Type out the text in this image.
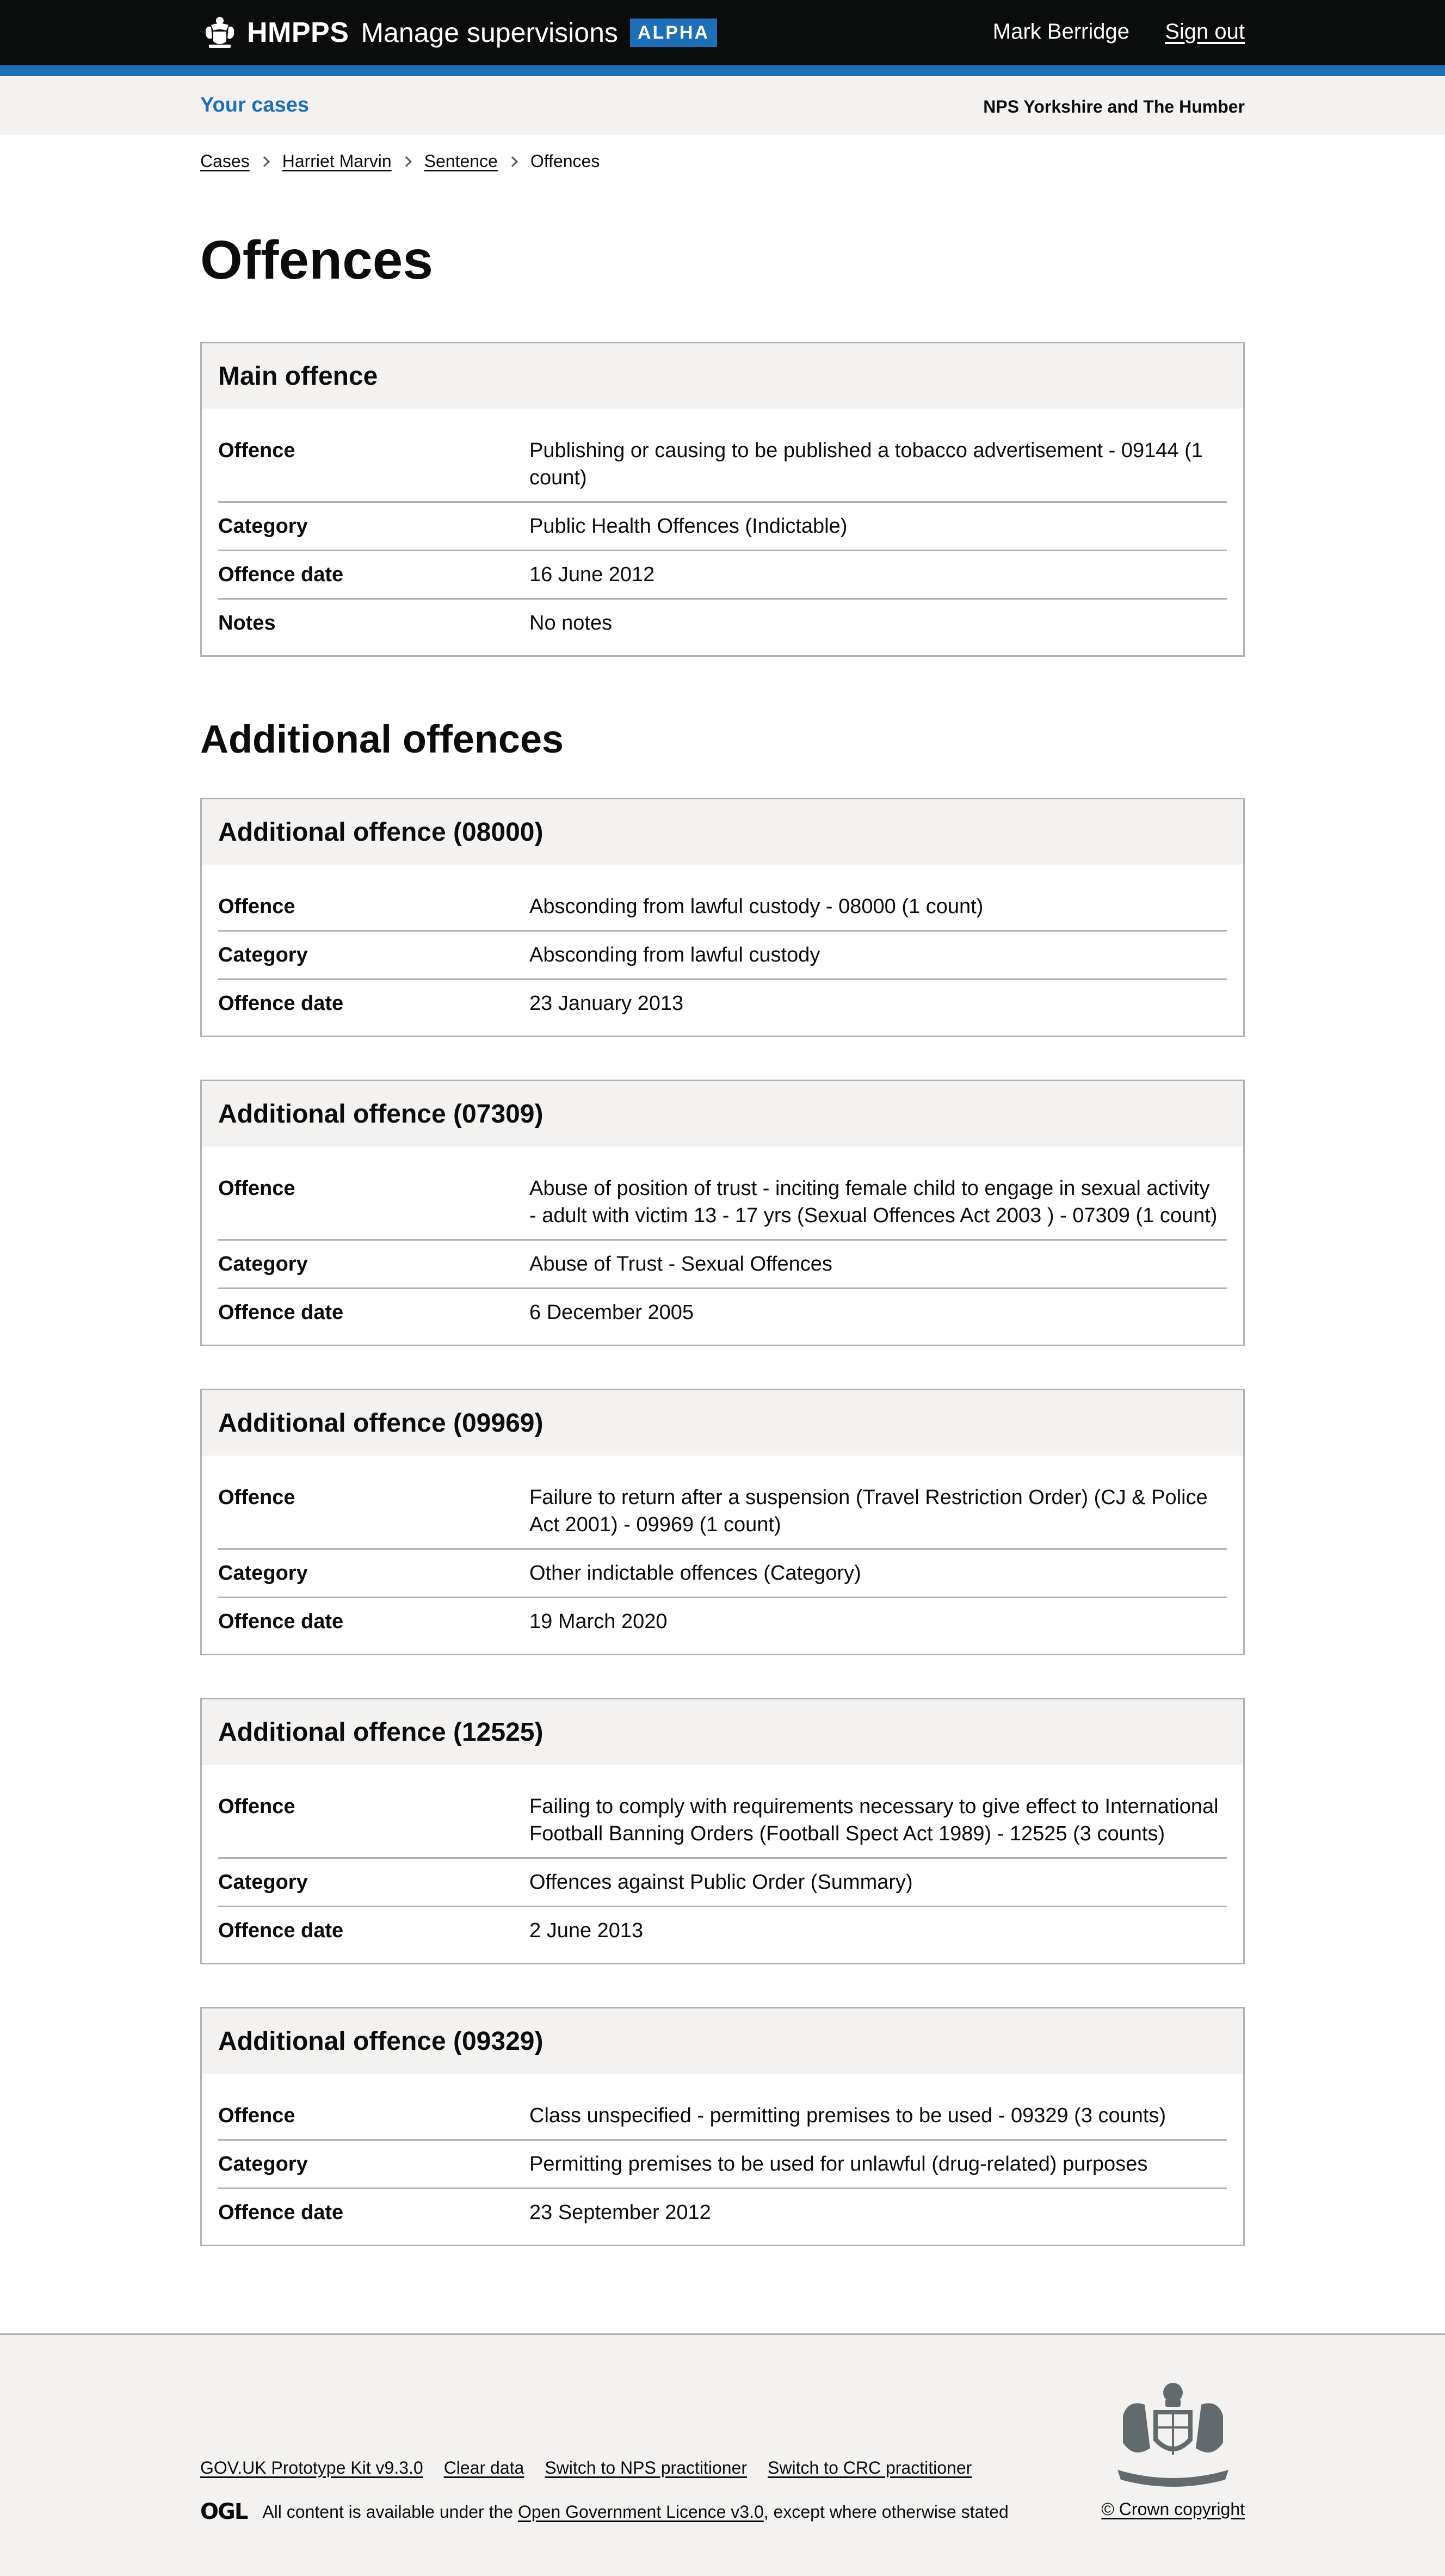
HMPPS Manage supervisions	ALPHA	Mark Berridge Sign out
Your cases	NPS Yorkshire and The Humber
Cases Harriet Marvin Sentence Offences
Offences
Main offence
Offence	Publishing or causing to be published a tobacco advertisement - 09144 (1 count)
Category	Public Health Offences (Indictable)
Offence date	16 June 2012
Notes	No notes
Additional offences
Additional offence (08000)
Offence	Absconding from lawful custody - 08000 (1 count)
Category	Absconding from lawful custody
Offence date	23 January 2013
Additional offence (07309)
Offence	Abuse of position of trust - inciting female child to engage in sexual activity - adult with victim 13 - 17 yrs (Sexual Offences Act 2003 ) - 07309 (1 count)
Category	Abuse of Trust - Sexual Offences
Offence date	6 December 2005
Additional offence (09969)
Offence	Failure to return after a suspension (Travel Restriction Order) (CJ & Police Act 2001) - 09969 (1 count)
Category	Other indictable offences (Category)
Offence date	19 March 2020
Additional offence (12525)
Offence	Failing to comply with requirements necessary to give effect to International Football Banning Orders (Football Spect Act 1989) - 12525 (3 counts)
Category	Offences against Public Order (Summary)
Offence date	2 June 2013
Additional offence (09329)
Offence	Class unspecified - permitting premises to be used - 09329 (3 counts)
Category	Permitting premises to be used for unlawful (drug-related) purposes
Offence date	23 September 2012
GOV.UK Prototype Kit v9.3.0 Clear data Switch to NPS practitioner Switch to CRC practitioner
OGL All content is available under the
Open Government Licence v3.0 , except where otherwise stated	© Crown copyright
